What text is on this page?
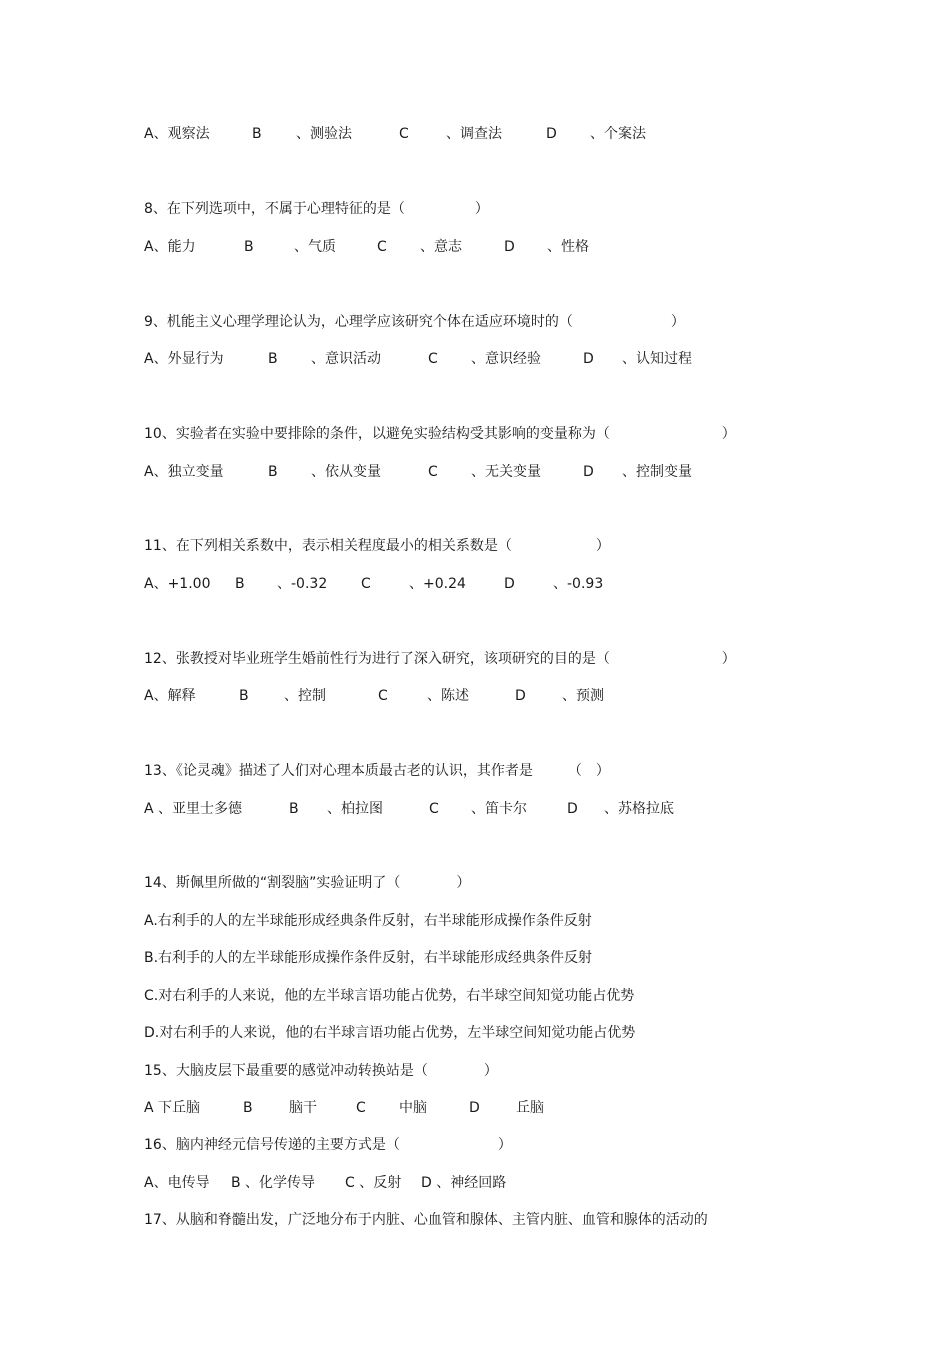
A、观察法	B 、测验法	C	、调查法	D 、个案法
8、在下列选项中，不属于心理特征的是（　　　　　）
A、能力	B	、气质	C 、意志	D 、性格
9、机能主义心理学理论认为，心理学应该研究个体在适应环境时的（　　　　　　　）
A、外显行为	B 、意识活动	C 、意识经验	D 、认知过程
10、实验者在实验中要排除的条件，以避免实验结构受其影响的变量称为（　　　　　　　　）
A、独立变量	B 、依从变量	C 、无关变量	D 、控制变量
11、在下列相关系数中，表示相关程度最小的相关系数是（　　　　　　）
A、+1.00 B 、-0.32 C	、+0.24	D	、-0.93
12、张教授对毕业班学生婚前性行为进行了深入研究，该项研究的目的是（　　　　　　　　）
A、解释	B	、控制	C	、陈述	D	、预测
13、《论灵魂》描述了人们对心理本质最古老的认识，其作者是　　　（　）
A 、亚里士多德	B 、柏拉图	C 、笛卡尔	D 、苏格拉底
14、斯佩里所做的“割裂脑”实验证明了（　　　　）
A.右利手的人的左半球能形成经典条件反射，右半球能形成操作条件反射
B.右利手的人的左半球能形成操作条件反射，右半球能形成经典条件反射
C.对右利手的人来说，他的左半球言语功能占优势，右半球空间知觉功能占优势
D.对右利手的人来说，他的右半球言语功能占优势，左半球空间知觉功能占优势
15、大脑皮层下最重要的感觉冲动转换站是（　　　　）
A 下丘脑	B	脑干	C 中脑	D	丘脑
16、脑内神经元信号传递的主要方式是（　　　　　　　）
A、电传导 B 、化学传导 C 、反射 D 、神经回路
17、从脑和脊髓出发，广泛地分布于内脏、心血管和腺体、主管内脏、血管和腺体的活动的
